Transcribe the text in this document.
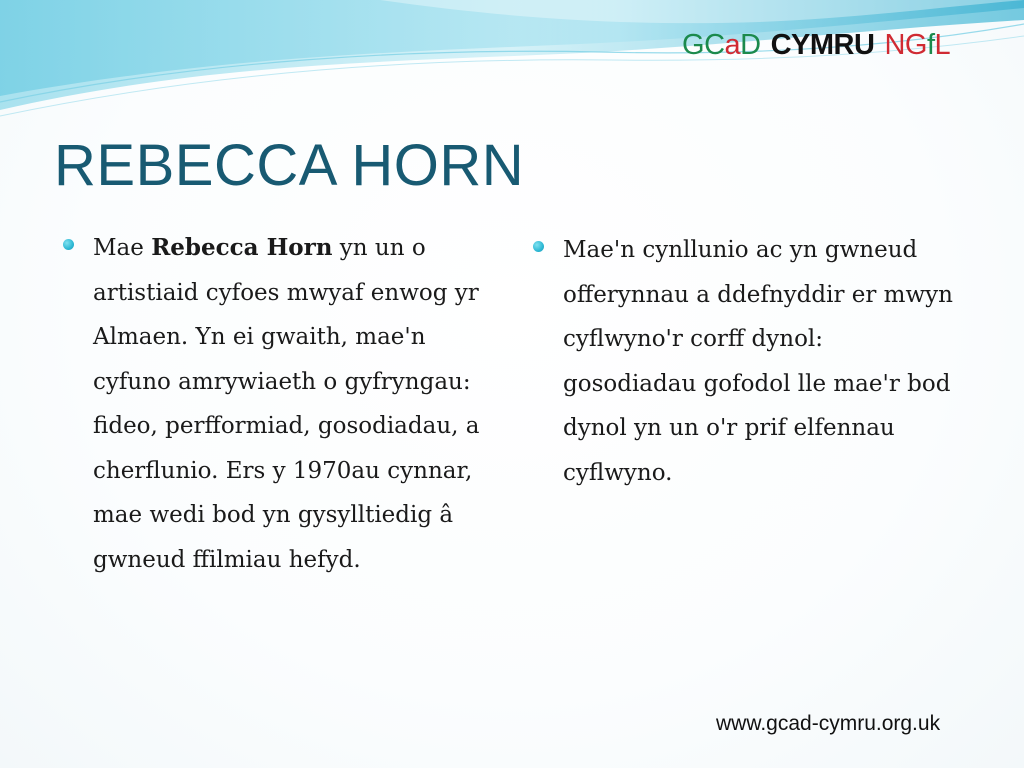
GCaD CYMRU NGfL
REBECCA HORN
Mae Rebecca Horn yn un o artistiaid cyfoes mwyaf enwog yr Almaen. Yn ei gwaith, mae'n cyfuno amrywiaeth o gyfryngau: fideo, perfformiad, gosodiadau, a cherflunio. Ers y 1970au cynnar, mae wedi bod yn gysylltiedig â gwneud ffilmiau hefyd.
Mae'n cynllunio ac yn gwneud offerynnau a ddefnyddir er mwyn cyflwyno'r corff dynol: gosodiadau gofodol lle mae'r bod dynol yn un o'r prif elfennau cyflwyno.
www.gcad-cymru.org.uk
